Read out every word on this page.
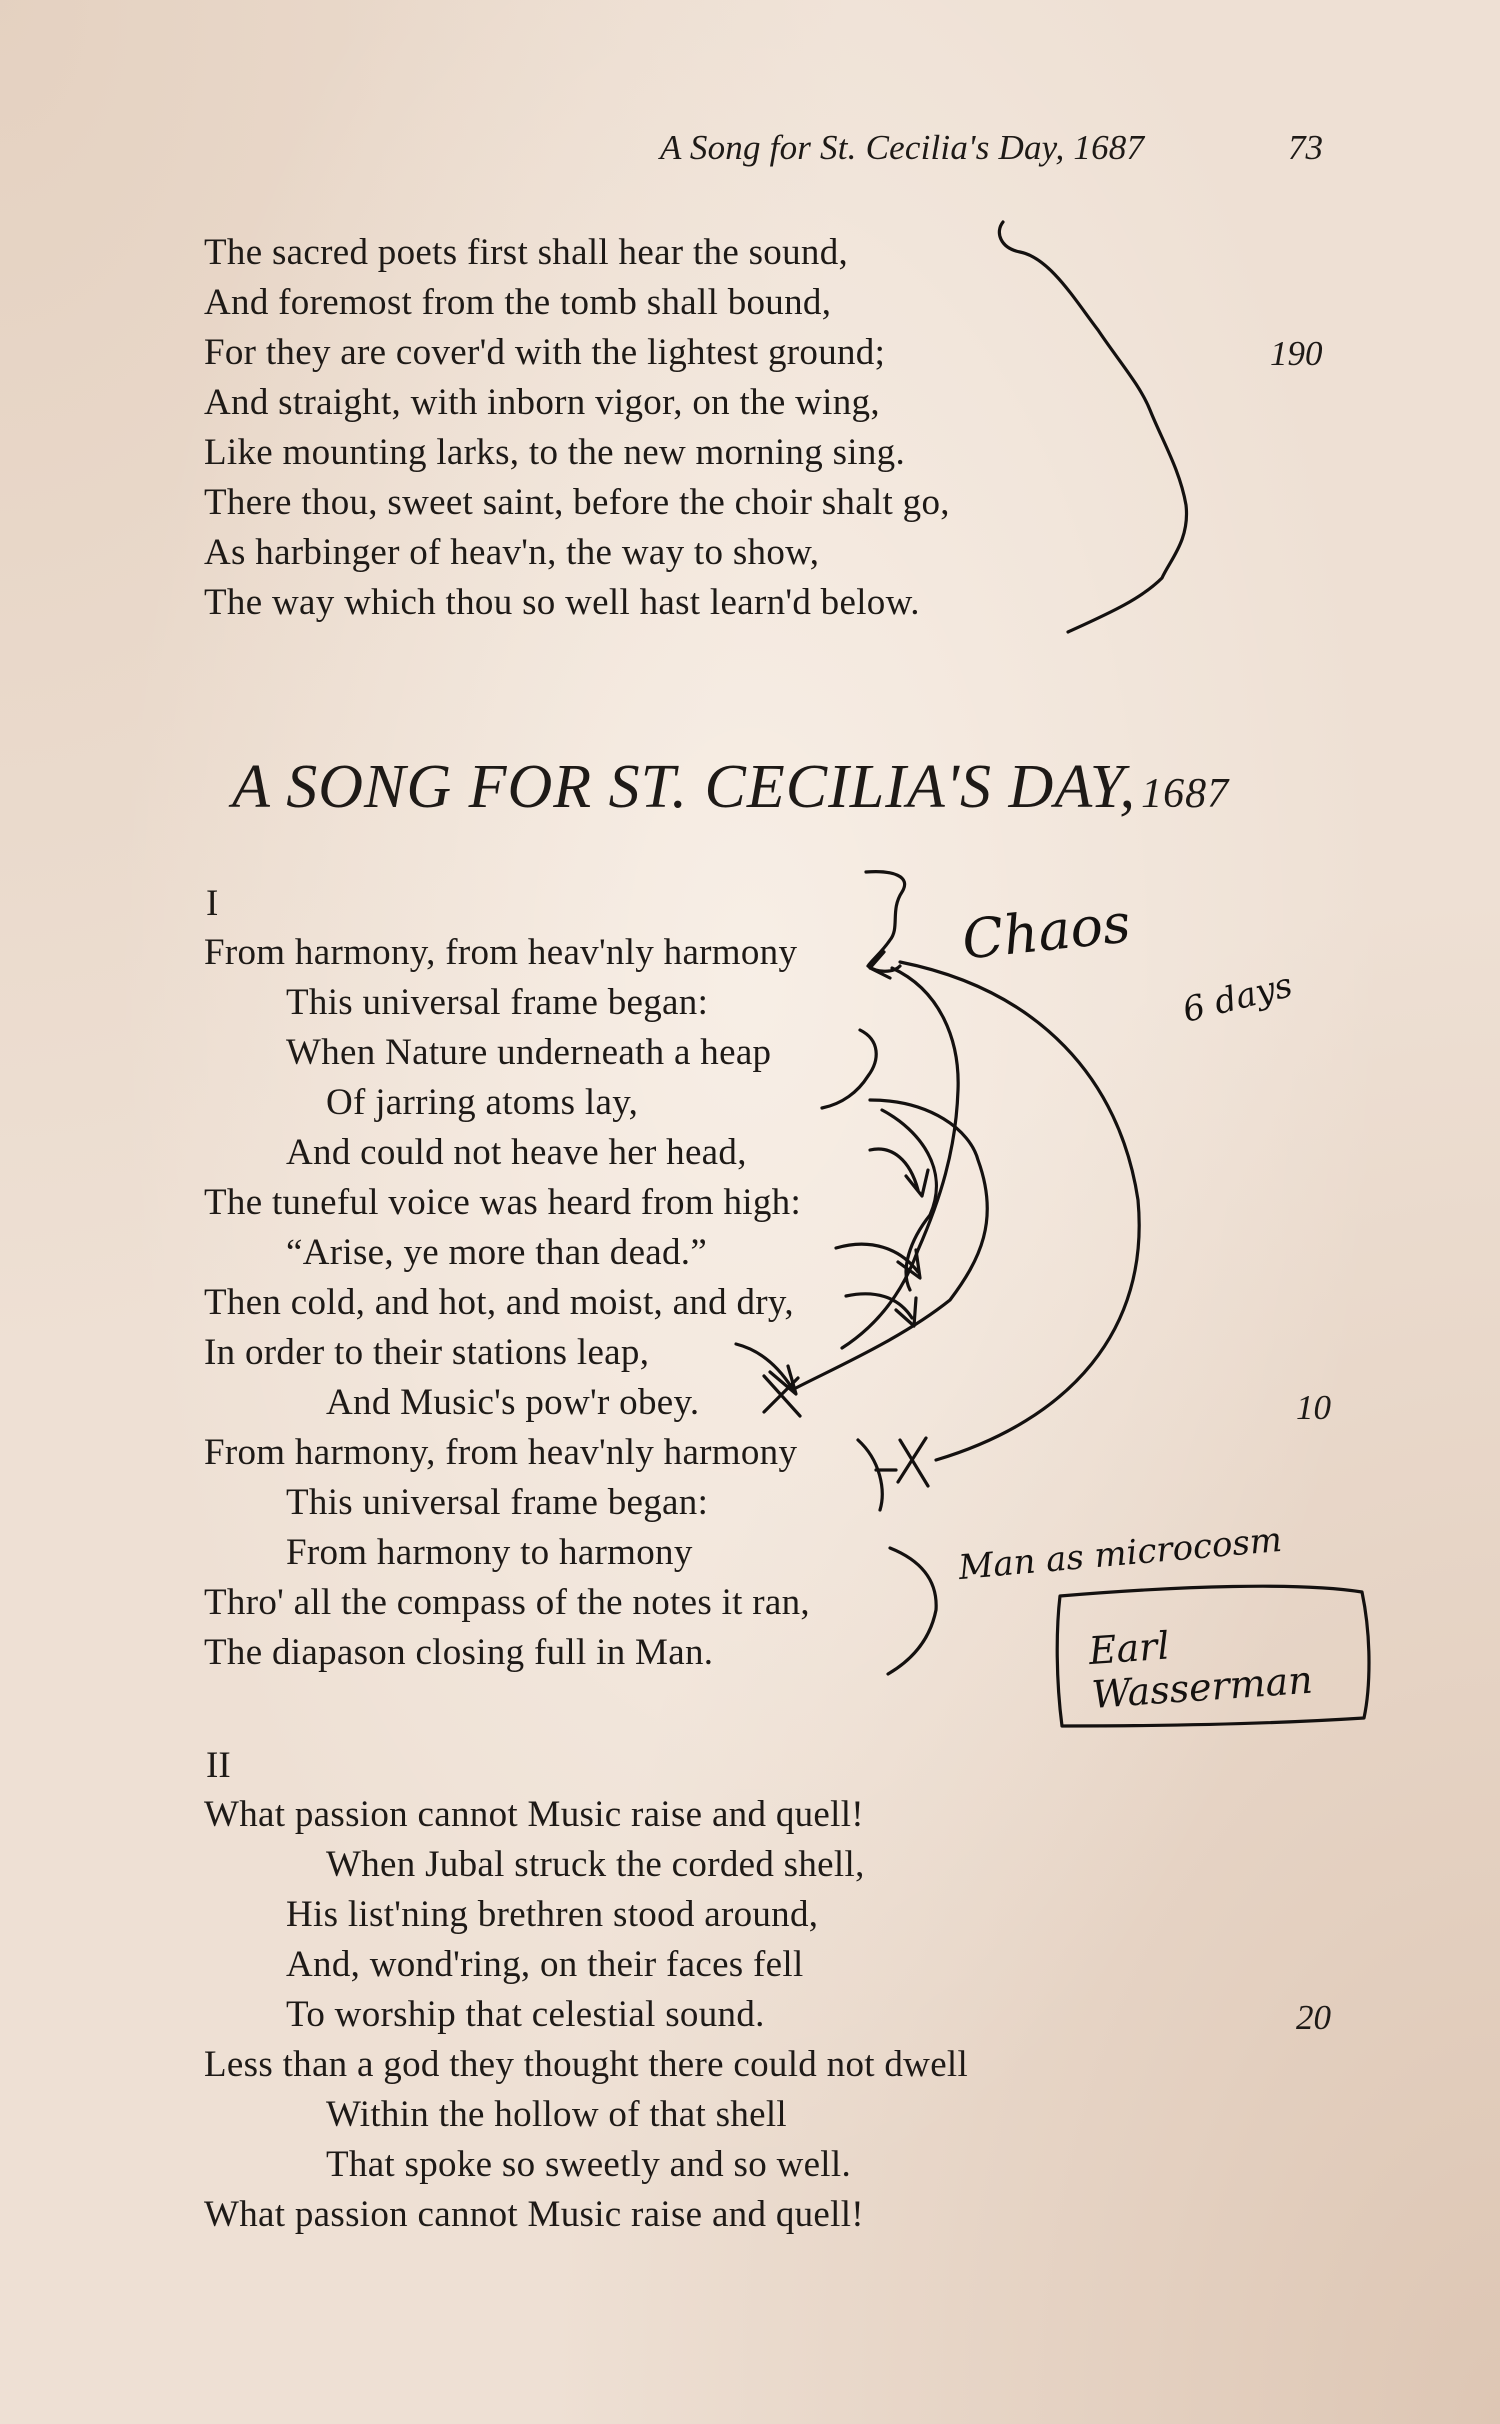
A Song for St. Cecilia's Day, 1687	73
The sacred poets first shall hear the sound,
And foremost from the tomb shall bound,
For they are cover'd with the lightest ground;
And straight, with inborn vigor, on the wing,
Like mounting larks, to the new morning sing.
There thou, sweet saint, before the choir shalt go,
As harbinger of heav'n, the way to show,
The way which thou so well hast learn'd below.
190
A SONG FOR ST. CECILIA'S DAY, 1687
I
From harmony, from heav'nly harmony
This universal frame began:
When Nature underneath a heap
Of jarring atoms lay,
And could not heave her head,
The tuneful voice was heard from high:
“Arise, ye more than dead.”
Then cold, and hot, and moist, and dry,
In order to their stations leap,
And Music's pow'r obey.
From harmony, from heav'nly harmony
This universal frame began:
From harmony to harmony
Thro' all the compass of the notes it ran,
The diapason closing full in Man.
10
II
What passion cannot Music raise and quell!
When Jubal struck the corded shell,
His list'ning brethren stood around,
And, wond'ring, on their faces fell
To worship that celestial sound.
Less than a god they thought there could not dwell
Within the hollow of that shell
That spoke so sweetly and so well.
What passion cannot Music raise and quell!
20
Chaos
6 days
Man as microcosm
Earl Wasserman
